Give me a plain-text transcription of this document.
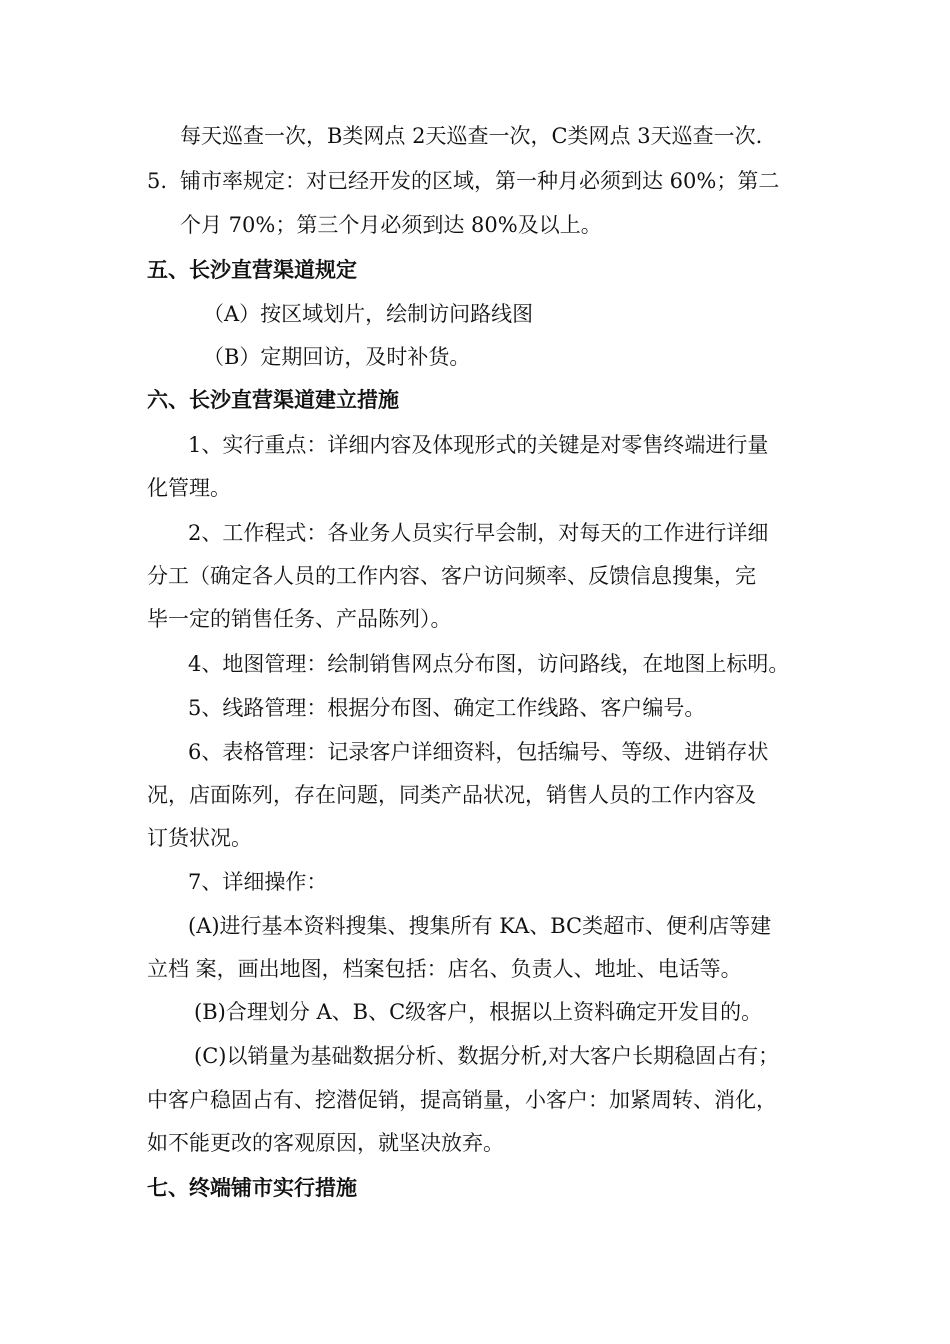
每天巡查一次，B类网点 2天巡查一次，C类网点 3天巡查一次.
5. 铺市率规定：对已经开发的区域，第一种月必须到达 60%；第二
个月 70%；第三个月必须到达 80%及以上。
五、长沙直营渠道规定
（A）按区域划片，绘制访问路线图
（B）定期回访，及时补货。
六、长沙直营渠道建立措施
1、实行重点：详细内容及体现形式的关键是对零售终端进行量
化管理。
2、工作程式：各业务人员实行早会制，对每天的工作进行详细
分工（确定各人员的工作内容、客户访问频率、反馈信息搜集，完
毕一定的销售任务、产品陈列）。
4、地图管理：绘制销售网点分布图，访问路线，在地图上标明。
5、线路管理：根据分布图、确定工作线路、客户编号。
6、表格管理：记录客户详细资料，包括编号、等级、进销存状
况，店面陈列，存在问题，同类产品状况，销售人员的工作内容及
订货状况。
7、详细操作：
(A)进行基本资料搜集、搜集所有 KA、BC类超市、便利店等建
立档 案，画出地图，档案包括：店名、负责人、地址、电话等。
(B)合理划分 A、B、C级客户，根据以上资料确定开发目的。
(C)以销量为基础数据分析、数据分析,对大客户长期稳固占有；
中客户稳固占有、挖潜促销，提高销量，小客户：加紧周转、消化，
如不能更改的客观原因，就坚决放弃。
七、终端铺市实行措施
